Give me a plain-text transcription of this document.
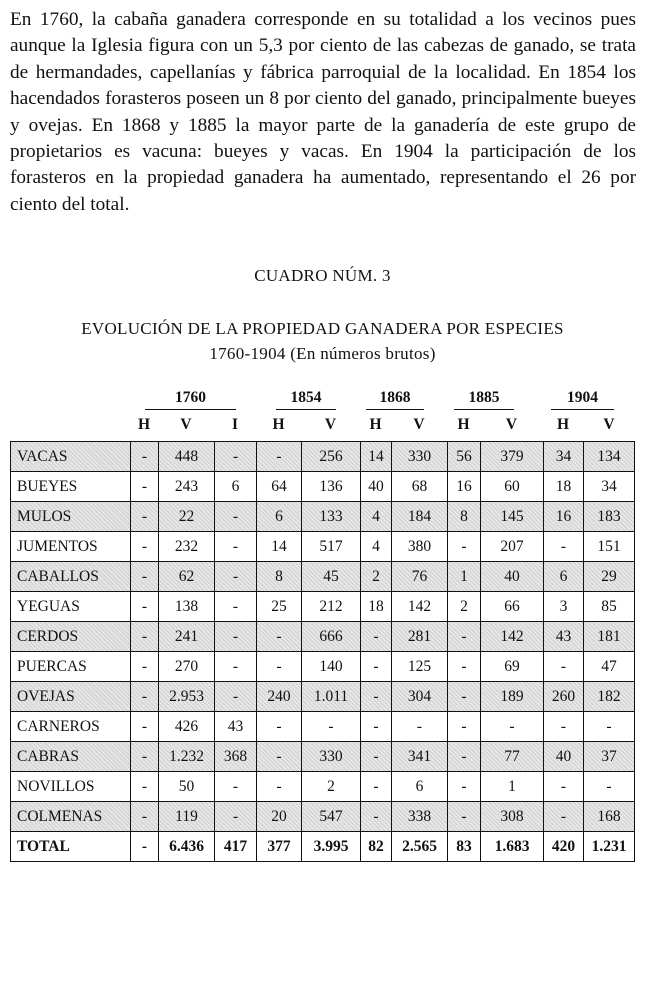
En 1760, la cabaña ganadera corresponde en su totalidad a los vecinos pues aunque la Iglesia figura con un 5,3 por ciento de las cabezas de ganado, se trata de hermandades, capellanías y fábrica parroquial de la localidad. En 1854 los hacendados forasteros poseen un 8 por ciento del ganado, principalmente bueyes y ovejas. En 1868 y 1885 la mayor parte de la ganadería de este grupo de propietarios es vacuna: bueyes y vacas. En 1904 la participación de los forasteros en la propiedad ganadera ha aumentado, representando el 26 por ciento del total.

CUADRO NÚM. 3
EVOLUCIÓN DE LA PROPIEDAD GANADERA POR ESPECIES
1760-1904 (En números brutos)
1760	1854	1868	1885	1904
H	V	I	H	V	H	V	H	V	H	V
VACAS	-	448	-	-	256	14	330	56	379	34	134
BUEYES	-	243	6	64	136	40	68	16	60	18	34
MULOS	-	22	-	6	133	4	184	8	145	16	183
JUMENTOS	-	232	-	14	517	4	380	-	207	-	151
CABALLOS	-	62	-	8	45	2	76	1	40	6	29
YEGUAS	-	138	-	25	212	18	142	2	66	3	85
CERDOS	-	241	-	-	666	-	281	-	142	43	181
PUERCAS	-	270	-	-	140	-	125	-	69	-	47
OVEJAS	-	2.953	-	240	1.011	-	304	-	189	260	182
CARNEROS	-	426	43	-	-	-	-	-	-	-	-
CABRAS	-	1.232	368	-	330	-	341	-	77	40	37
NOVILLOS	-	50	-	-	2	-	6	-	1	-	-
COLMENAS	-	119	-	20	547	-	338	-	308	-	168
TOTAL	-	6.436	417	377	3.995	82	2.565	83	1.683	420	1.231
